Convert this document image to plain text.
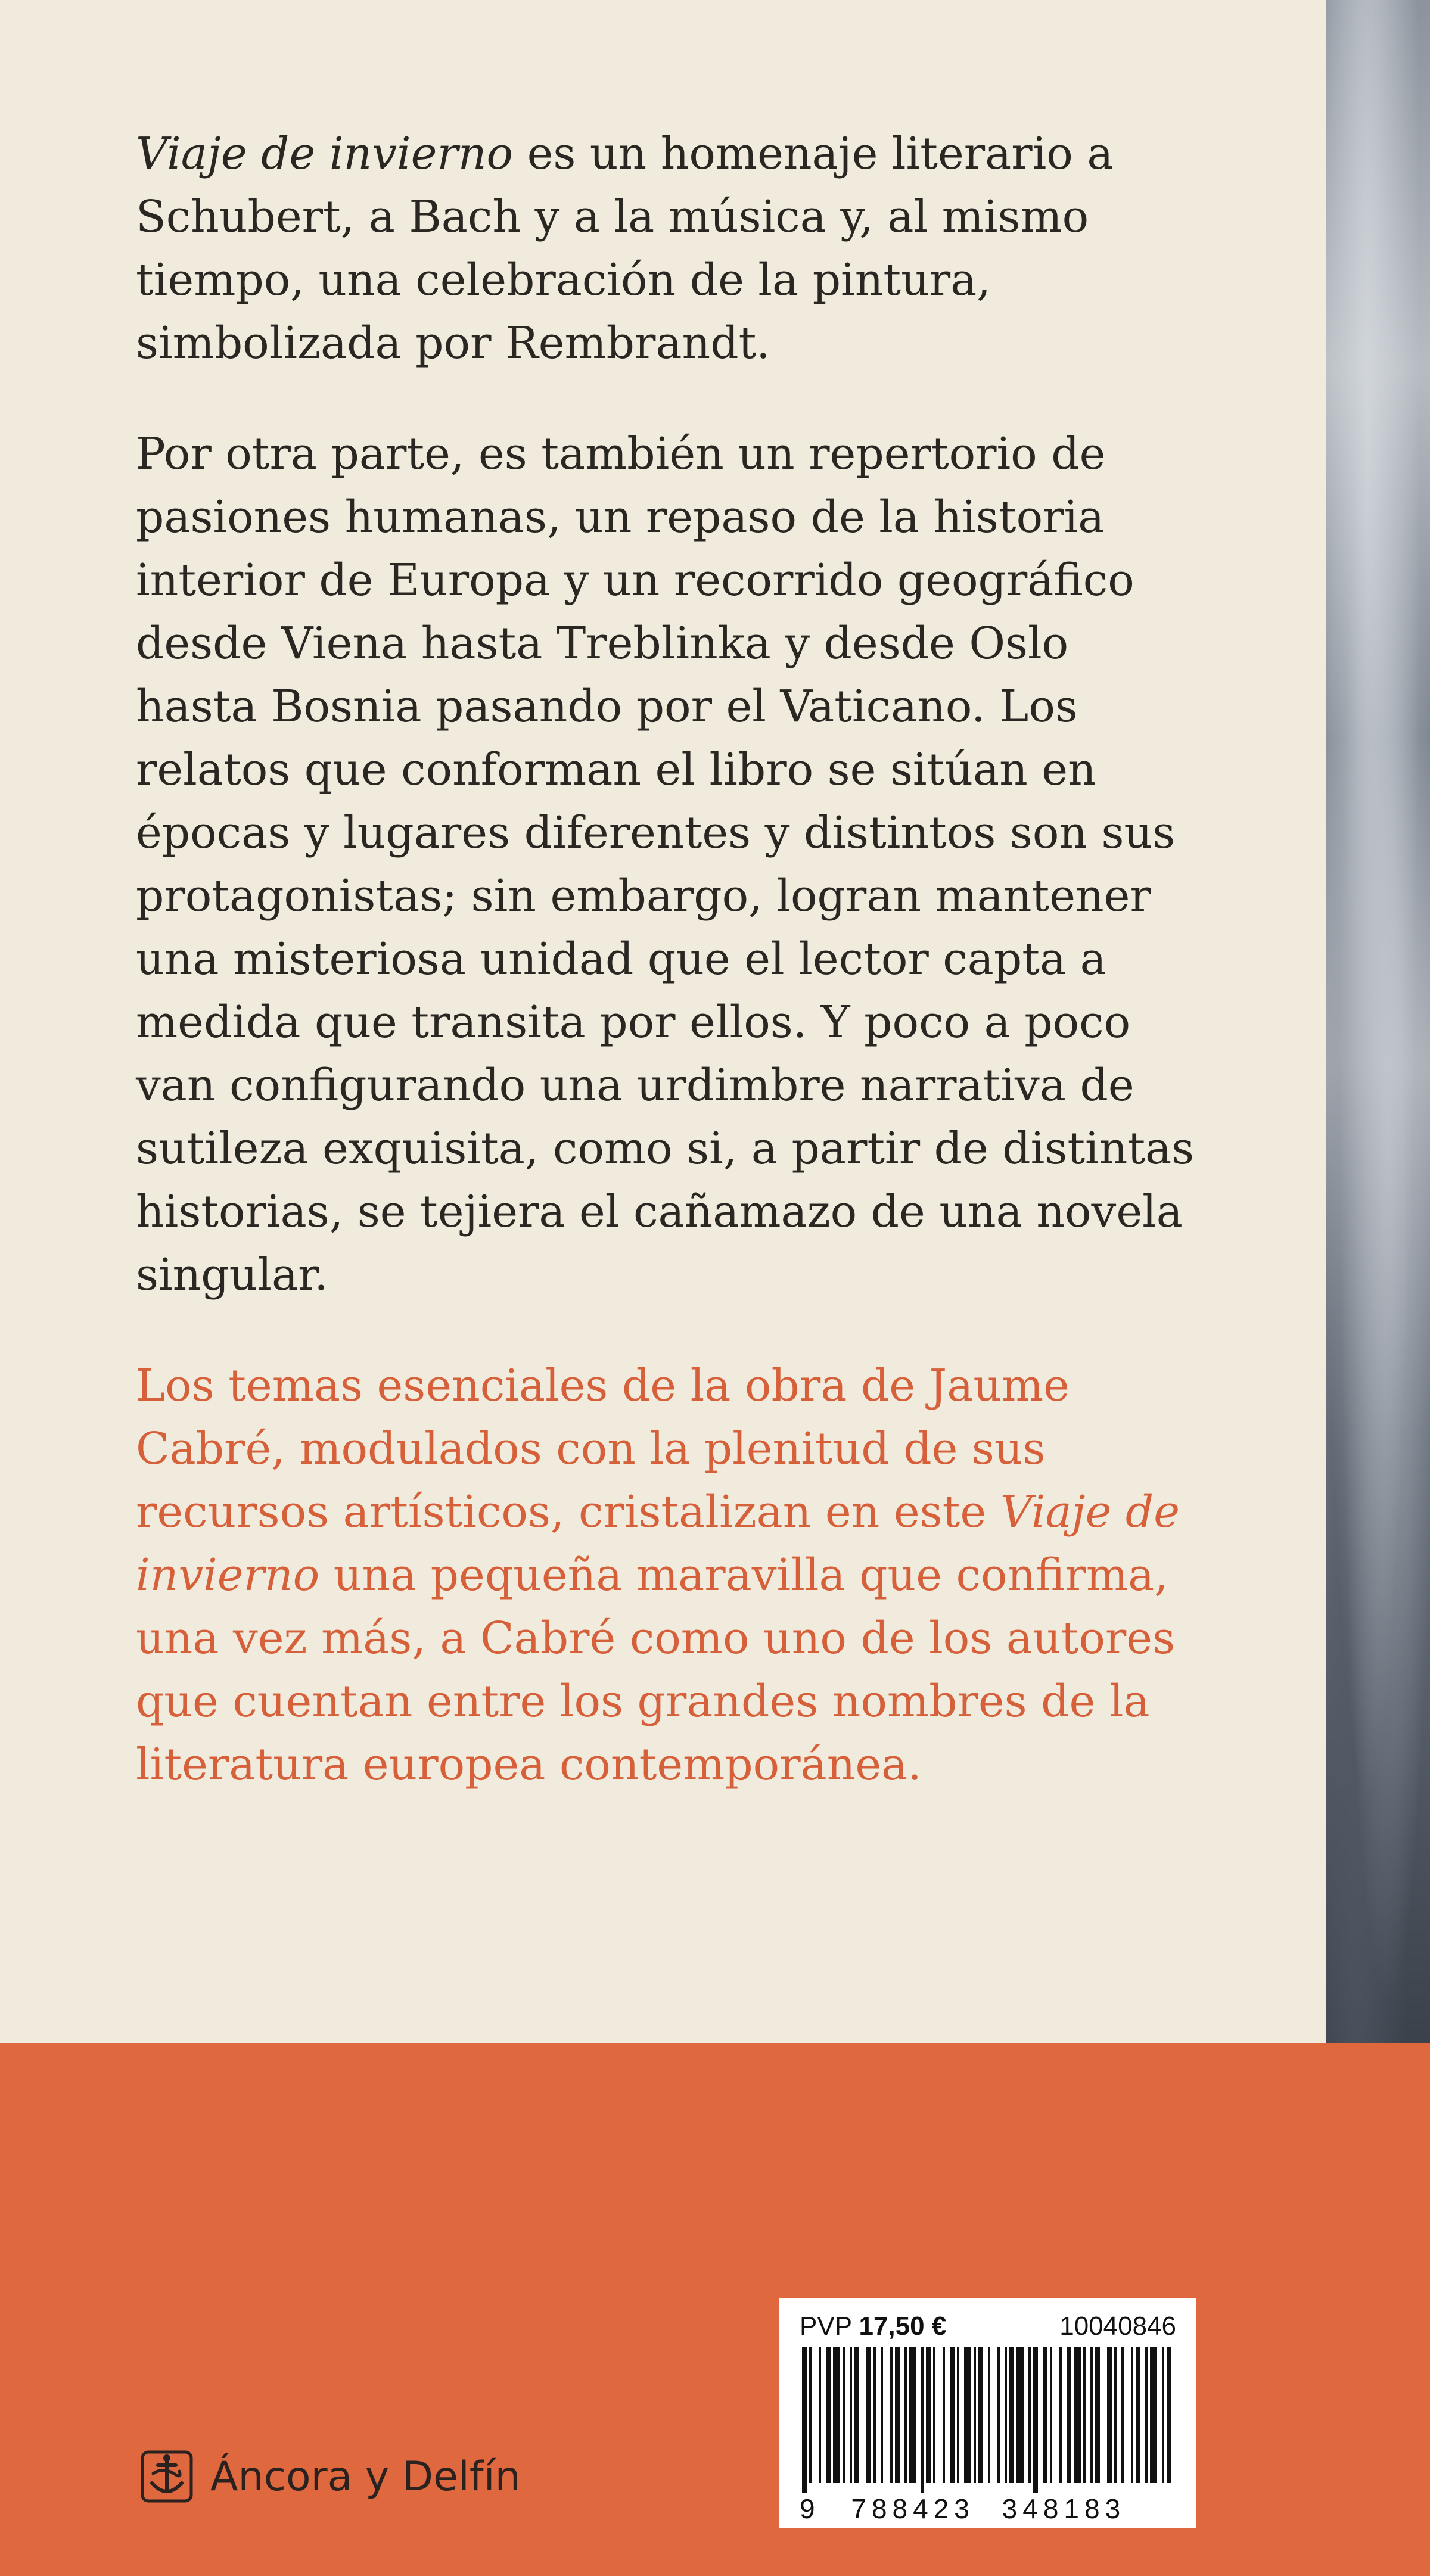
Viaje de invierno es un homenaje literario a Schubert, a Bach y a la música y, al mismo tiempo, una celebración de la pintura, simbolizada por Rembrandt.

Por otra parte, es también un repertorio de pasiones humanas, un repaso de la historia interior de Europa y un recorrido geográfico desde Viena hasta Treblinka y desde Oslo hasta Bosnia pasando por el Vaticano. Los relatos que conforman el libro se sitúan en épocas y lugares diferentes y distintos son sus protagonistas; sin embargo, logran mantener una misteriosa unidad que el lector capta a medida que transita por ellos. Y poco a poco van configurando una urdimbre narrativa de sutileza exquisita, como si, a partir de distintas historias, se tejiera el cañamazo de una novela singular.

Los temas esenciales de la obra de Jaume Cabré, modulados con la plenitud de sus recursos artísticos, cristalizan en este Viaje de invierno una pequeña maravilla que confirma, una vez más, a Cabré como uno de los autores que cuentan entre los grandes nombres de la literatura europea contemporánea.

Áncora y Delfín
PVP 17,50 €	10040846
9 788423 348183
